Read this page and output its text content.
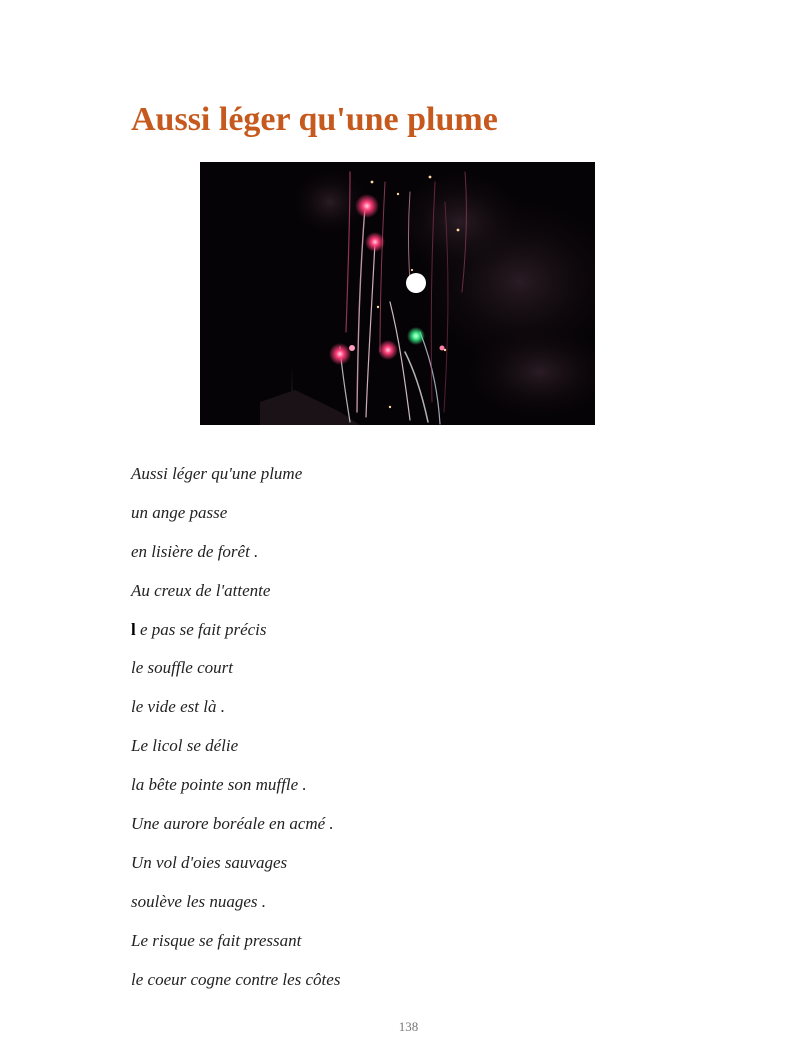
Aussi léger qu'une plume
Aussi léger qu'une plume
un ange passe
en lisière de forêt .
Au creux de l'attente
l e pas se fait précis
le souffle court
le vide est là .
Le licol se délie
la bête pointe son muffle .
Une aurore boréale en acmé .
Un vol d'oies sauvages
soulève les nuages .
Le risque se fait pressant
le coeur cogne contre les côtes
138
